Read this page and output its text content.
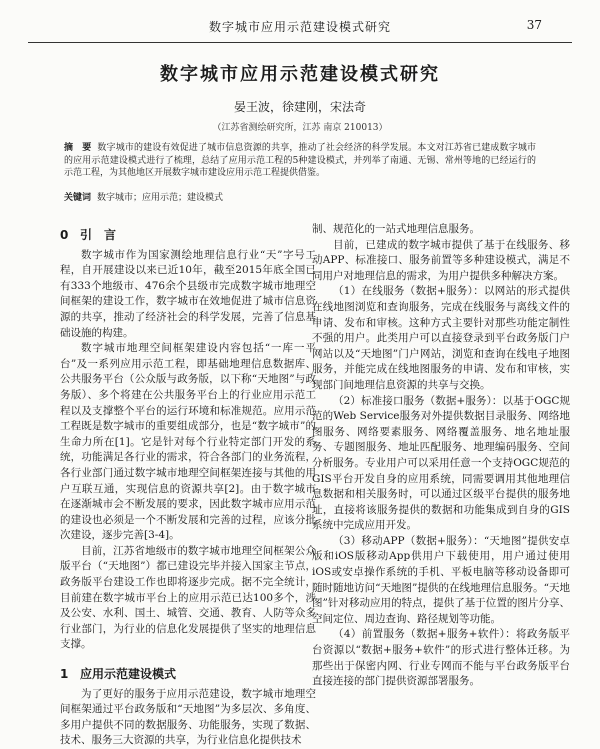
数字城市应用示范建设模式研究	37
数字城市应用示范建设模式研究
晏王波，徐建刚，宋法奇
（江苏省测绘研究所，江苏 南京 210013）
摘　要 数字城市的建设有效促进了城市信息资源的共享，推动了社会经济的科学发展。本文对江苏省已建成数字城市的应用示范建设模式进行了梳理，总结了应用示范工程的5种建设模式，并列举了南通、无锡、常州等地的已经运行的示范工程，为其他地区开展数字城市建设应用示范工程提供借鉴。
关键词 数字城市；应用示范；建设模式
0 引　言

数字城市作为国家测绘地理信息行业“天”字号工程，自开展建设以来已近10年，截至2015年底全国已有333个地级市、476余个县级市完成数字城市地理空间框架的建设工作，数字城市在效地促进了城市信息资源的共享，推动了经济社会的科学发展，完善了信息基础设施的构建。

数字城市地理空间框架建设内容包括“一库一平台”及一系列应用示范工程，即基础地理信息数据库、公共服务平台（公众版与政务版，以下称“天地图”与政务版）、多个将建在公共服务平台上的行业应用示范工程以及支撑整个平台的运行环境和标准规范。应用示范工程既是数字城市的重要组成部分，也是“数字城市”的生命力所在[1]。它是针对每个行业特定部门开发的系统，功能满足各行业的需求，符合各部门的业务流程，各行业部门通过数字城市地理空间框架连接与其他的用户互联互通，实现信息的资源共享[2]。由于数字城市在逐渐城市会不断发展的要求，因此数字城市应用示范的建设也必须是一个不断发展和完善的过程，应该分批次建设，逐步完善[3-4]。

目前，江苏省地级市的数字城市地理空间框架公众版平台（“天地图”）都已建设完毕并接入国家主节点，政务版平台建设工作也即将逐步完成。据不完全统计，目前建在数字城市平台上的应用示范已达100多个，涉及公安、水利、国土、城管、交通、教育、人防等众多行业部门，为行业的信息化发展提供了坚实的地理信息支撑。

1 应用示范建设模式

为了更好的服务于应用示范建设，数字城市地理空间框架通过平台政务版和“天地图”为多层次、多角度、多用户提供不同的数据服务、功能服务，实现了数据、技术、服务三大资源的共享，为行业信息化提供技术

制、规范化的一站式地理信息服务。

目前，已建成的数字城市提供了基于在线服务、移动APP、标准接口、服务前置等多种建设模式，满足不同用户对地理信息的需求，为用户提供多种解决方案。

（1）在线服务（数据+服务）：以网站的形式提供在线地图浏览和查询服务，完成在线服务与离线文件的申请、发布和审核。这种方式主要针对那些功能定制性不强的用户。此类用户可以直接登录到平台政务版门户网站以及“天地图”门户网站，浏览和查询在线电子地图服务，并能完成在线地图服务的申请、发布和审核，实现部门间地理信息资源的共享与交换。

（2）标准接口服务（数据+服务）：以基于OGC规范的Web Service服务对外提供数据目录服务、网络地图服务、网络要素服务、网络覆盖服务、地名地址服务、专题图服务、地址匹配服务、地理编码服务、空间分析服务。专业用户可以采用任意一个支持OGC规范的GIS平台开发自身的应用系统，同需要调用其他地理信息数据和相关服务时，可以通过区级平台提供的服务地址，直接将该服务提供的数据和功能集成到自身的GIS系统中完成应用开发。

（3）移动APP（数据+服务）：“天地图”提供安卓版和iOS版移动App供用户下载使用，用户通过使用iOS或安卓操作系统的手机、平板电脑等移动设备即可随时随地访问“天地图”提供的在线地理信息服务。“天地图”针对移动应用的特点，提供了基于位置的图片分享、空间定位、周边查询、路径规划等功能。

（4）前置服务（数据+服务+软件）：将政务版平台资源以“数据+服务+软件”的形式进行整体迁移。为那些出于保密内网、行业专网而不能与平台政务版平台直接连接的部门提供资源部署服务。
